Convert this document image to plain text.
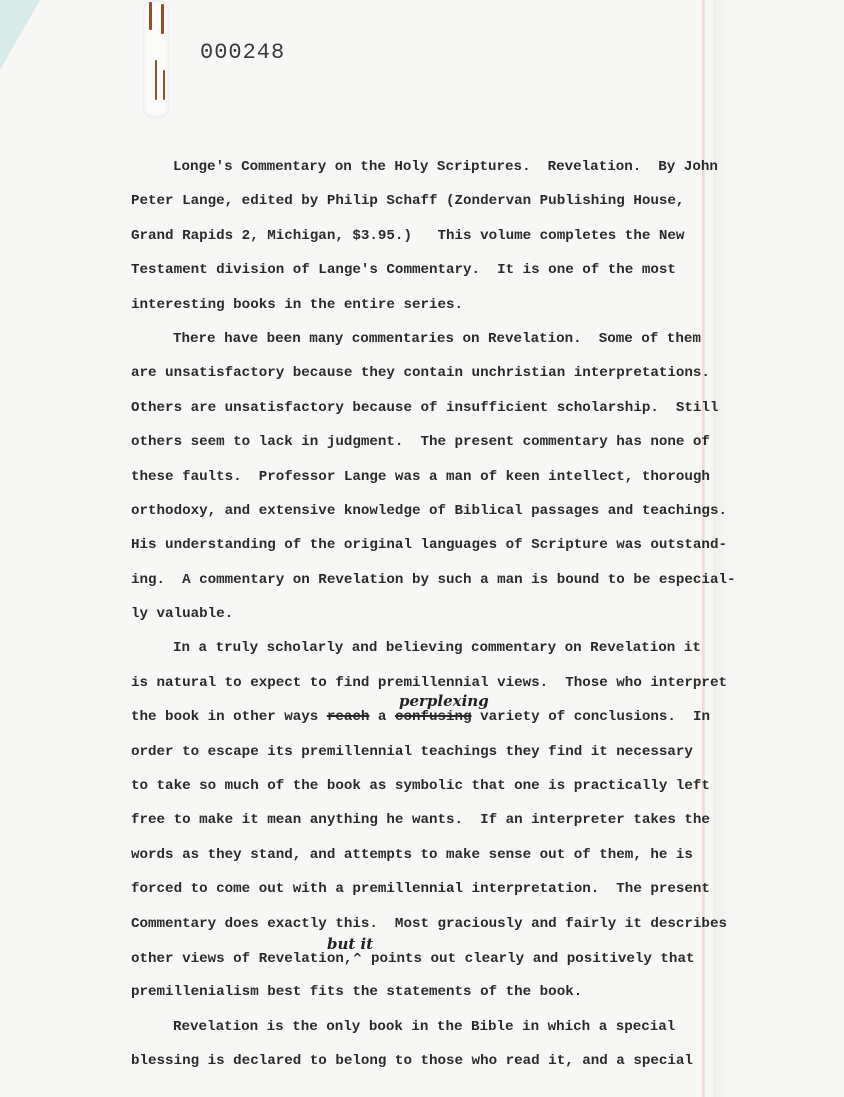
000248
Longe's Commentary on the Holy Scriptures.  Revelation.  By John
Peter Lange, edited by Philip Schaff (Zondervan Publishing House,
Grand Rapids 2, Michigan, $3.95.)   This volume completes the New
Testament division of Lange's Commentary.  It is one of the most
interesting books in the entire series.
There have been many commentaries on Revelation.  Some of them
are unsatisfactory because they contain unchristian interpretations.
Others are unsatisfactory because of insufficient scholarship.  Still
others seem to lack in judgment.  The present commentary has none of
these faults.  Professor Lange was a man of keen intellect, thorough
orthodoxy, and extensive knowledge of Biblical passages and teachings.
His understanding of the original languages of Scripture was outstand-
ing.  A commentary on Revelation by such a man is bound to be especial-
ly valuable.
In a truly scholarly and believing commentary on Revelation it
is natural to expect to find premillennial views.  Those who interpret
the book in other ways reach a confusing variety of conclusions.  In
perplexing
order to escape its premillennial teachings they find it necessary
to take so much of the book as symbolic that one is practically left
free to make it mean anything he wants.  If an interpreter takes the
words as they stand, and attempts to make sense out of them, he is
forced to come out with a premillennial interpretation.  The present
Commentary does exactly this.  Most graciously and fairly it describes
other views of Revelation,^ points out clearly and positively that
but it
premillenialism best fits the statements of the book.
Revelation is the only book in the Bible in which a special
blessing is declared to belong to those who read it, and a special
